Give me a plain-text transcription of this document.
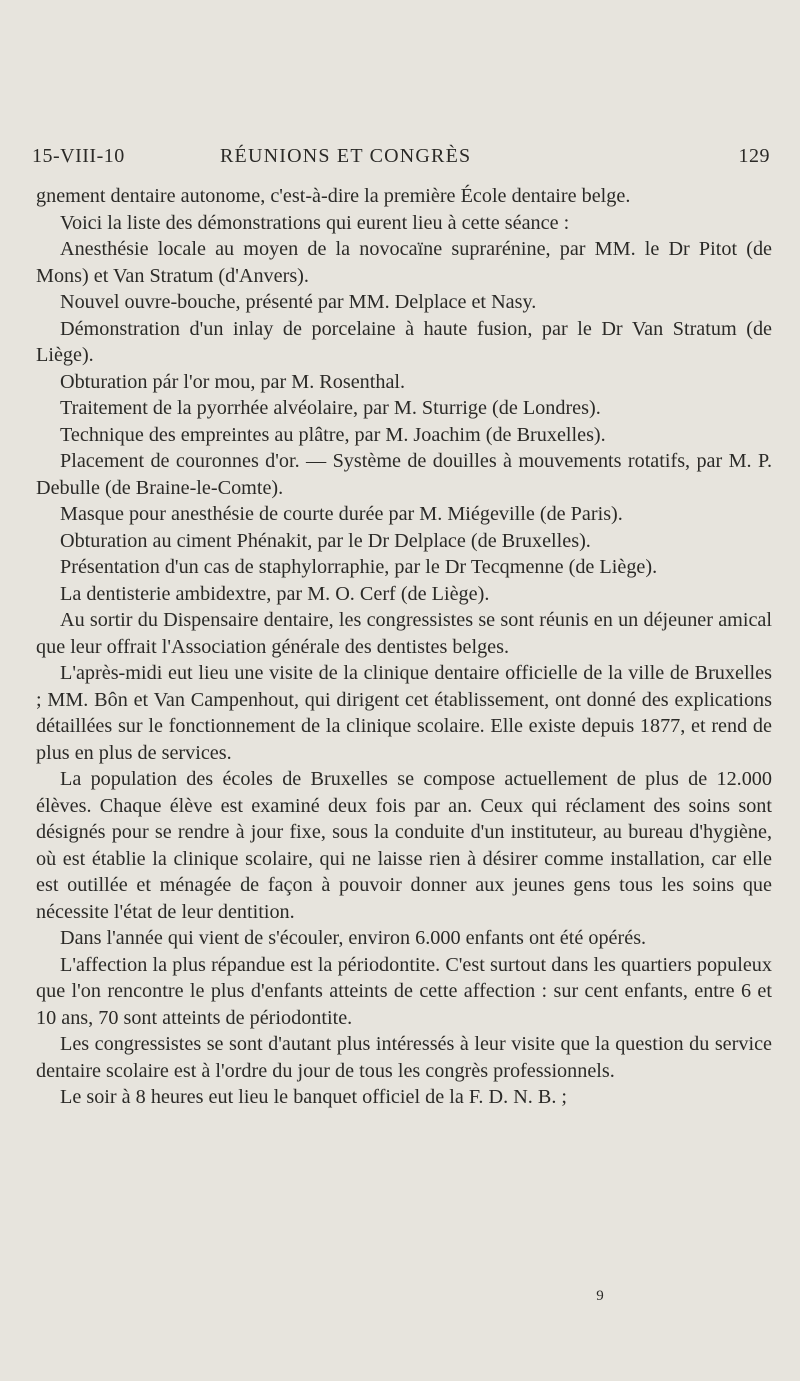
15-VIII-10	RÉUNIONS ET CONGRÈS	129

gnement dentaire autonome, c'est-à-dire la première École dentaire belge.

Voici la liste des démonstrations qui eurent lieu à cette séance :

Anesthésie locale au moyen de la novocaïne suprarénine, par MM. le Dr Pitot (de Mons) et Van Stratum (d'Anvers).

Nouvel ouvre-bouche, présenté par MM. Delplace et Nasy.

Démonstration d'un inlay de porcelaine à haute fusion, par le Dr Van Stratum (de Liège).

Obturation pár l'or mou, par M. Rosenthal.

Traitement de la pyorrhée alvéolaire, par M. Sturrige (de Londres).

Technique des empreintes au plâtre, par M. Joachim (de Bruxelles).

Placement de couronnes d'or. — Système de douilles à mouvements rotatifs, par M. P. Debulle (de Braine-le-Comte).

Masque pour anesthésie de courte durée par M. Miégeville (de Paris).

Obturation au ciment Phénakit, par le Dr Delplace (de Bruxelles).

Présentation d'un cas de staphylorraphie, par le Dr Tecqmenne (de Liège).

La dentisterie ambidextre, par M. O. Cerf (de Liège).

Au sortir du Dispensaire dentaire, les congressistes se sont réunis en un déjeuner amical que leur offrait l'Association générale des dentistes belges.

L'après-midi eut lieu une visite de la clinique dentaire officielle de la ville de Bruxelles ; MM. Bôn et Van Campenhout, qui dirigent cet établissement, ont donné des explications détaillées sur le fonctionnement de la clinique scolaire. Elle existe depuis 1877, et rend de plus en plus de services.

La population des écoles de Bruxelles se compose actuellement de plus de 12.000 élèves. Chaque élève est examiné deux fois par an. Ceux qui réclament des soins sont désignés pour se rendre à jour fixe, sous la conduite d'un instituteur, au bureau d'hygiène, où est établie la clinique scolaire, qui ne laisse rien à désirer comme installation, car elle est outillée et ménagée de façon à pouvoir donner aux jeunes gens tous les soins que nécessite l'état de leur dentition.

Dans l'année qui vient de s'écouler, environ 6.000 enfants ont été opérés.

L'affection la plus répandue est la périodontite. C'est surtout dans les quartiers populeux que l'on rencontre le plus d'enfants atteints de cette affection : sur cent enfants, entre 6 et 10 ans, 70 sont atteints de périodontite.

Les congressistes se sont d'autant plus intéressés à leur visite que la question du service dentaire scolaire est à l'ordre du jour de tous les congrès professionnels.

Le soir à 8 heures eut lieu le banquet officiel de la F. D. N. B. ;

9
